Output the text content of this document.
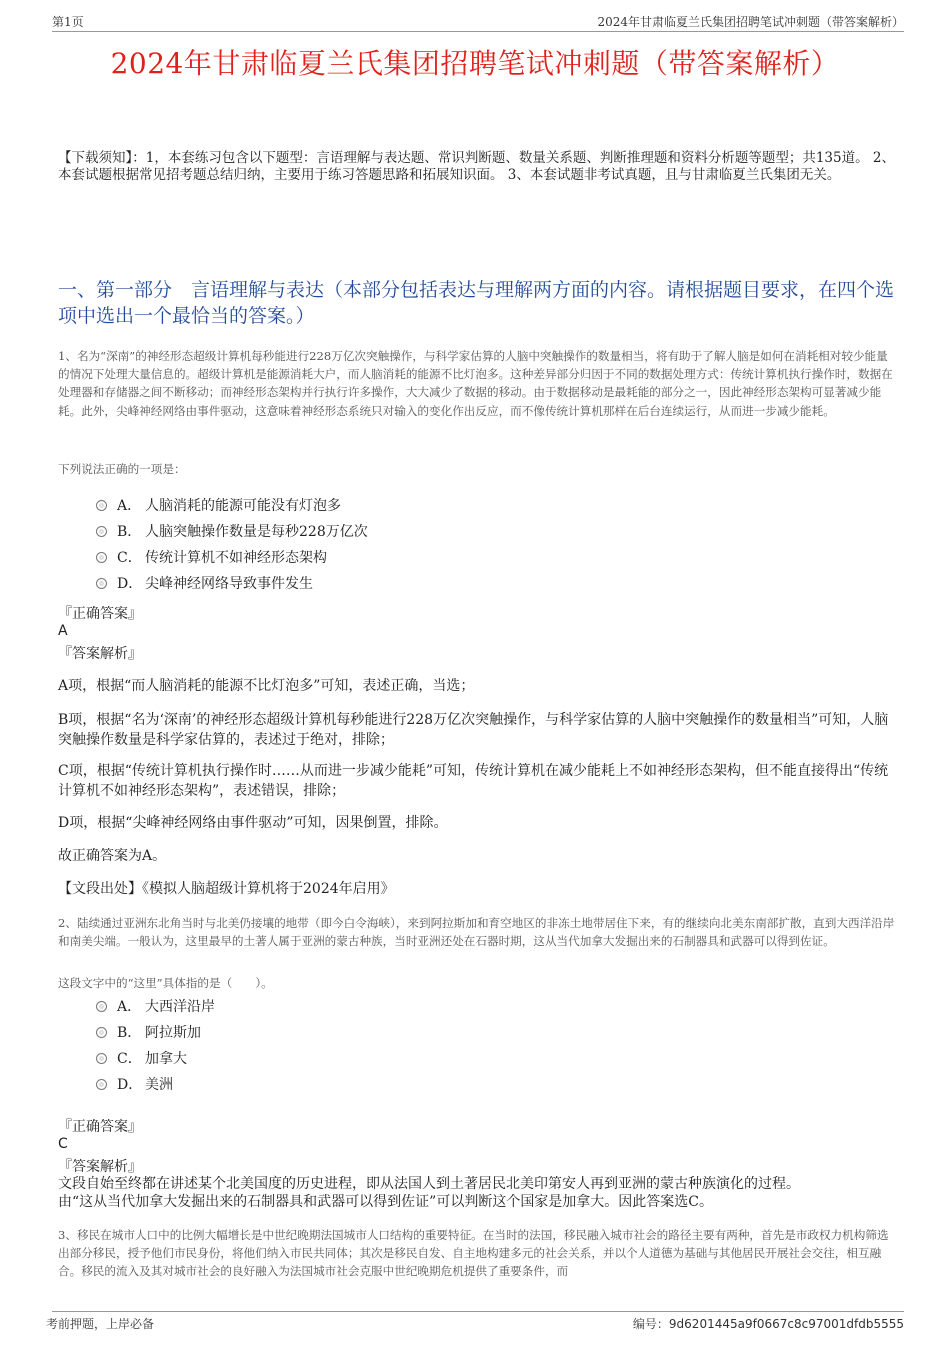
第1页	2024年甘肃临夏兰氏集团招聘笔试冲刺题（带答案解析）
2024年甘肃临夏兰氏集团招聘笔试冲刺题（带答案解析）
【下载须知】：1，本套练习包含以下题型：言语理解与表达题、常识判断题、数量关系题、判断推理题和资料分析题等题型；共135道。 2、本套试题根据常见招考题总结归纳，主要用于练习答题思路和拓展知识面。 3、本套试题非考试真题，且与甘肃临夏兰氏集团无关。
一、第一部分　言语理解与表达（本部分包括表达与理解两方面的内容。请根据题目要求，在四个选项中选出一个最恰当的答案。）
1、名为“深南”的神经形态超级计算机每秒能进行228万亿次突触操作，与科学家估算的人脑中突触操作的数量相当，将有助于了解人脑是如何在消耗相对较少能量的情况下处理大量信息的。超级计算机是能源消耗大户，而人脑消耗的能源不比灯泡多。这种差异部分归因于不同的数据处理方式：传统计算机执行操作时，数据在处理器和存储器之间不断移动；而神经形态架构并行执行许多操作，大大减少了数据的移动。由于数据移动是最耗能的部分之一，因此神经形态架构可显著减少能耗。此外，尖峰神经网络由事件驱动，这意味着神经形态系统只对输入的变化作出反应，而不像传统计算机那样在后台连续运行，从而进一步减少能耗。
下列说法正确的一项是：
A． 人脑消耗的能源可能没有灯泡多
B． 人脑突触操作数量是每秒228万亿次
C． 传统计算机不如神经形态架构
D． 尖峰神经网络导致事件发生
『正确答案』
A
『答案解析』
A项，根据“而人脑消耗的能源不比灯泡多”可知，表述正确，当选；
B项，根据“名为‘深南’的神经形态超级计算机每秒能进行228万亿次突触操作，与科学家估算的人脑中突触操作的数量相当”可知，人脑突触操作数量是科学家估算的，表述过于绝对，排除；
C项，根据“传统计算机执行操作时……从而进一步减少能耗”可知，传统计算机在减少能耗上不如神经形态架构，但不能直接得出“传统计算机不如神经形态架构”，表述错误，排除；
D项，根据“尖峰神经网络由事件驱动”可知，因果倒置，排除。
故正确答案为A。
【文段出处】《模拟人脑超级计算机将于2024年启用》
2、陆续通过亚洲东北角当时与北美仍接壤的地带（即今白令海峡），来到阿拉斯加和育空地区的非冻土地带居住下来，有的继续向北美东南部扩散，直到大西洋沿岸和南美尖端。一般认为，这里最早的土著人属于亚洲的蒙古种族，当时亚洲还处在石器时期，这从当代加拿大发掘出来的石制器具和武器可以得到佐证。
这段文字中的“这里”具体指的是（　　）。
A． 大西洋沿岸
B． 阿拉斯加
C． 加拿大
D． 美洲
『正确答案』
C
『答案解析』
文段自始至终都在讲述某个北美国度的历史进程，即从法国人到土著居民北美印第安人再到亚洲的蒙古种族演化的过程。
由“这从当代加拿大发掘出来的石制器具和武器可以得到佐证”可以判断这个国家是加拿大。因此答案选C。
3、移民在城市人口中的比例大幅增长是中世纪晚期法国城市人口结构的重要特征。在当时的法国，移民融入城市社会的路径主要有两种，首先是市政权力机构筛选出部分移民，授予他们市民身份，将他们纳入市民共同体；其次是移民自发、自主地构建多元的社会关系，并以个人道德为基础与其他居民开展社会交往，相互融合。移民的流入及其对城市社会的良好融入为法国城市社会克服中世纪晚期危机提供了重要条件，而
考前押题，上岸必备	编号：9d6201445a9f0667c8c97001dfdb5555
